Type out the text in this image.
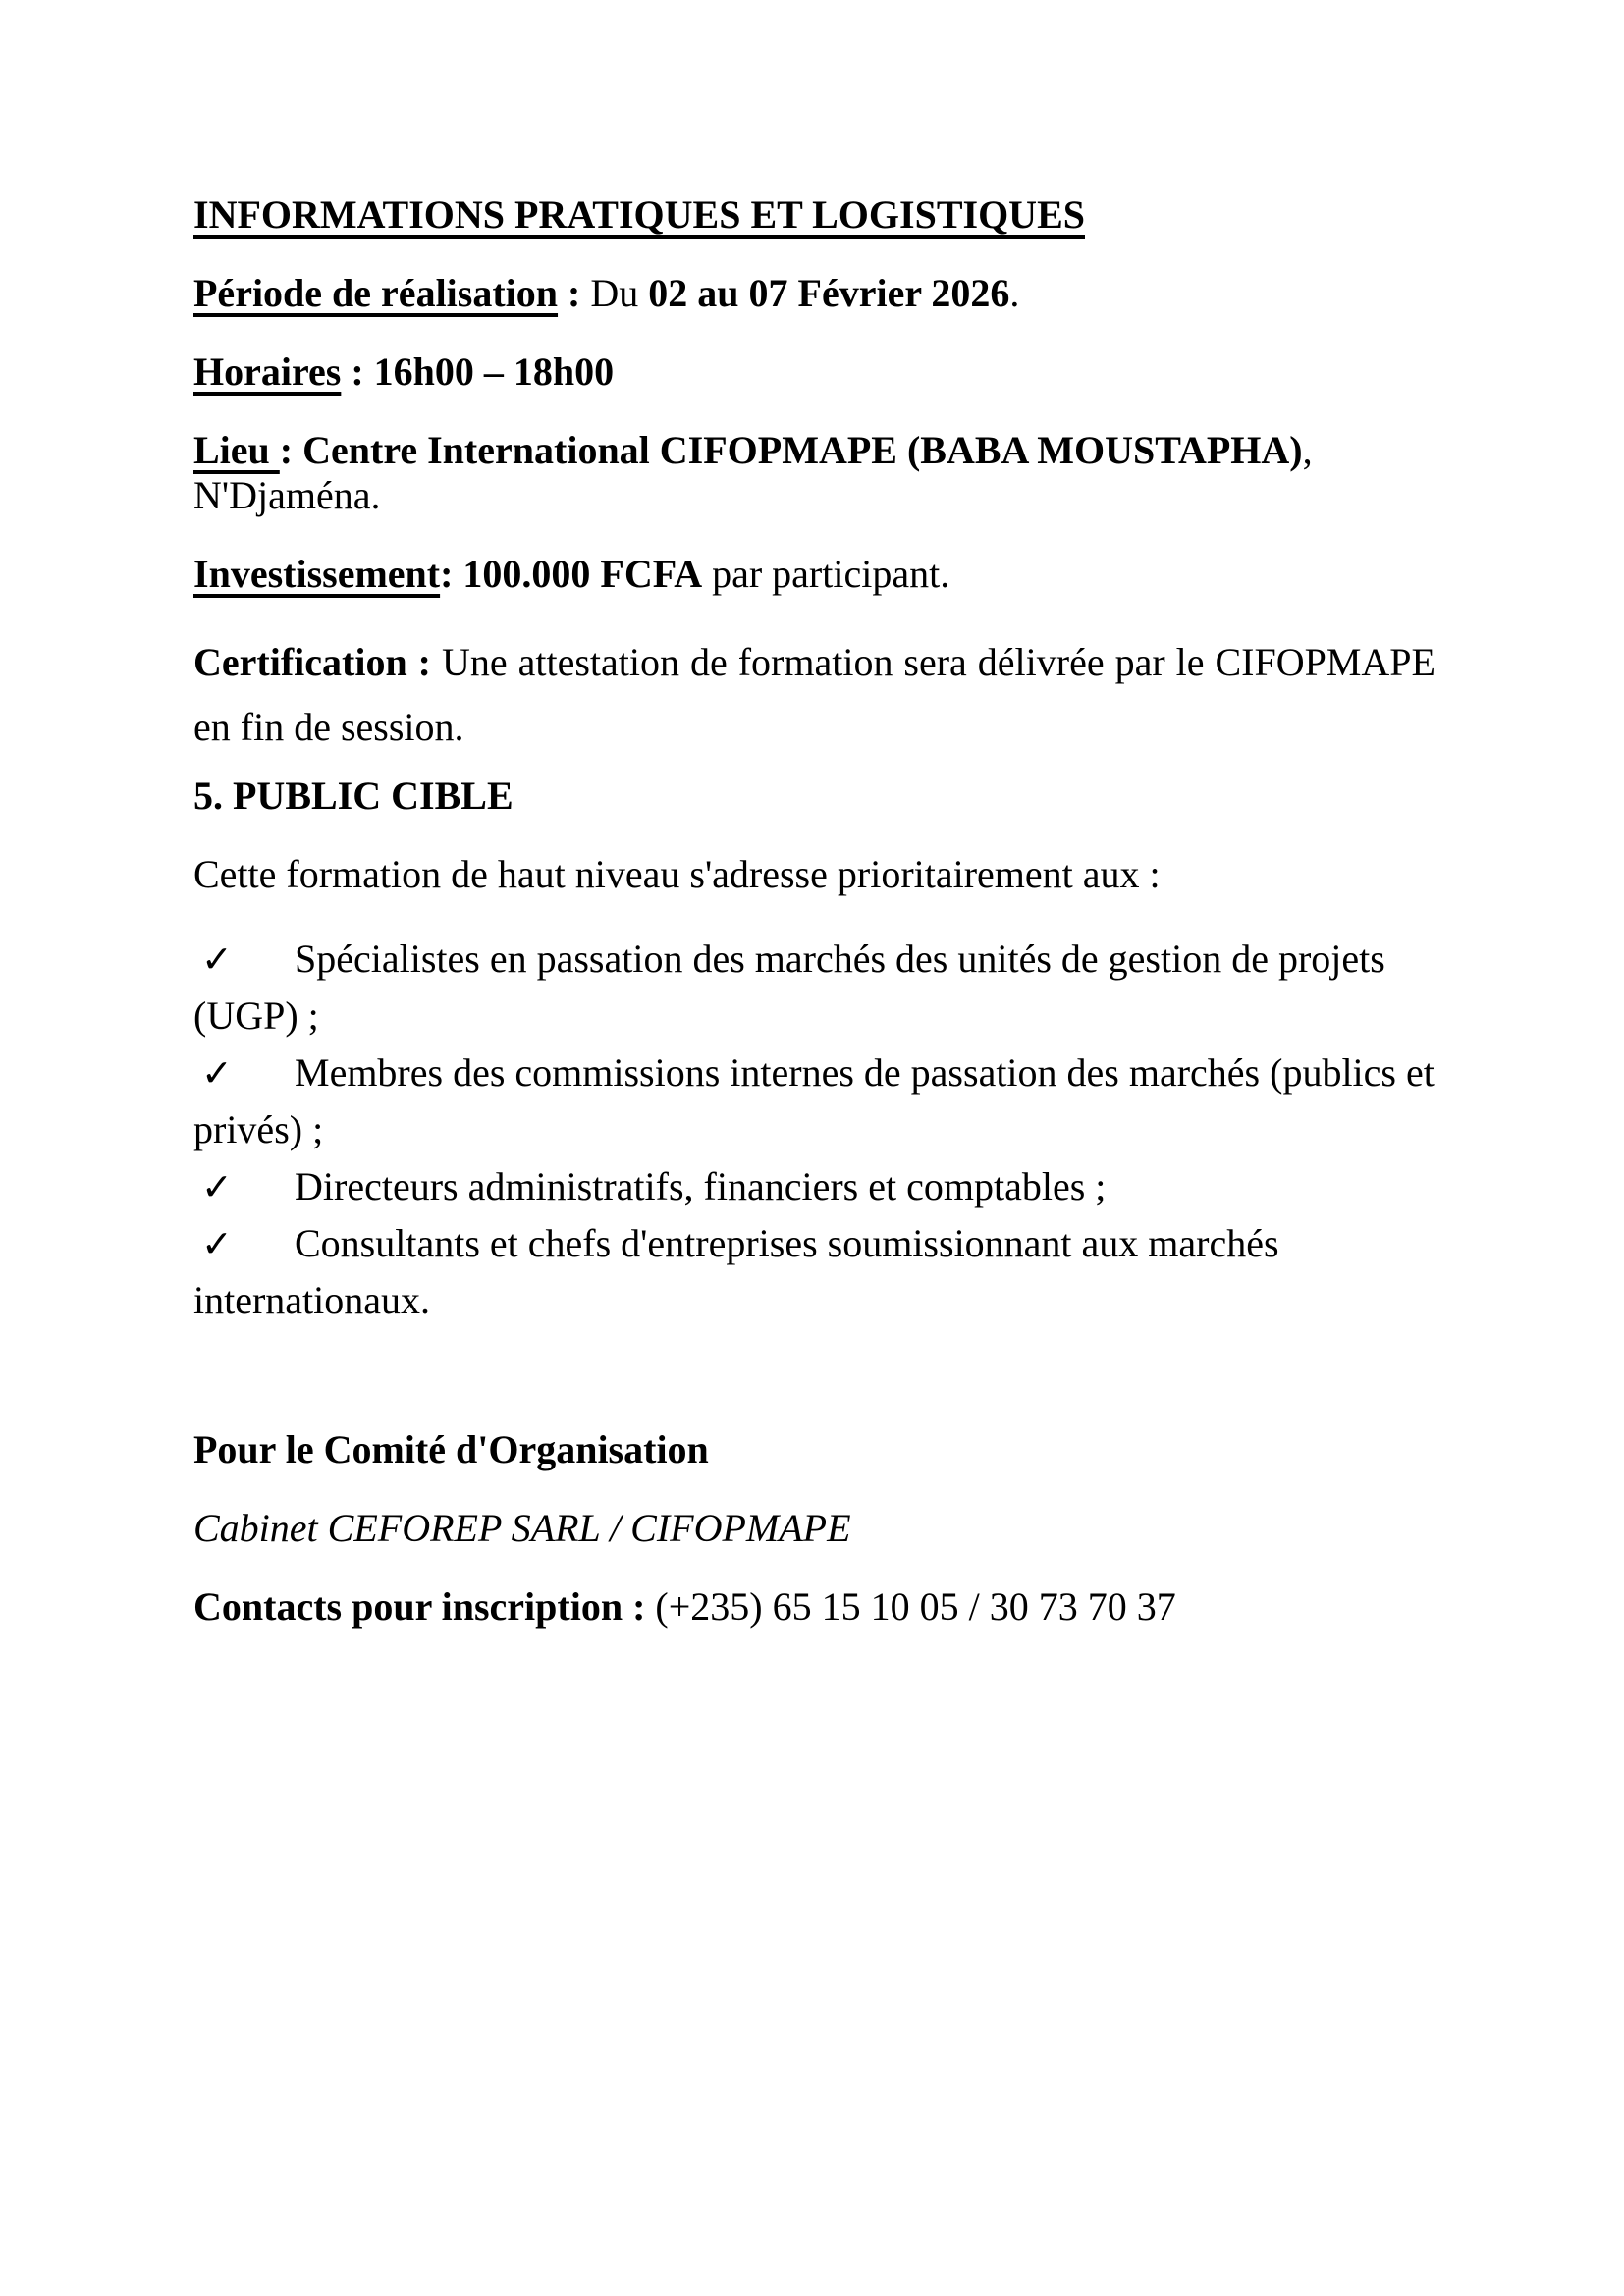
INFORMATIONS PRATIQUES ET LOGISTIQUES

Période de réalisation : Du 02 au 07 Février 2026.

Horaires : 16h00 – 18h00

Lieu : Centre International CIFOPMAPE (BABA MOUSTAPHA), N'Djaména.

Investissement: 100.000 FCFA par participant.

Certification : Une attestation de formation sera délivrée par le CIFOPMAPE en fin de session.

5. PUBLIC CIBLE

Cette formation de haut niveau s'adresse prioritairement aux :

✓ Spécialistes en passation des marchés des unités de gestion de projets (UGP) ;
✓ Membres des commissions internes de passation des marchés (publics et privés) ;
✓ Directeurs administratifs, financiers et comptables ;
✓ Consultants et chefs d'entreprises soumissionnant aux marchés internationaux.

Pour le Comité d'Organisation

Cabinet CEFOREP SARL / CIFOPMAPE

Contacts pour inscription : (+235) 65 15 10 05 / 30 73 70 37
